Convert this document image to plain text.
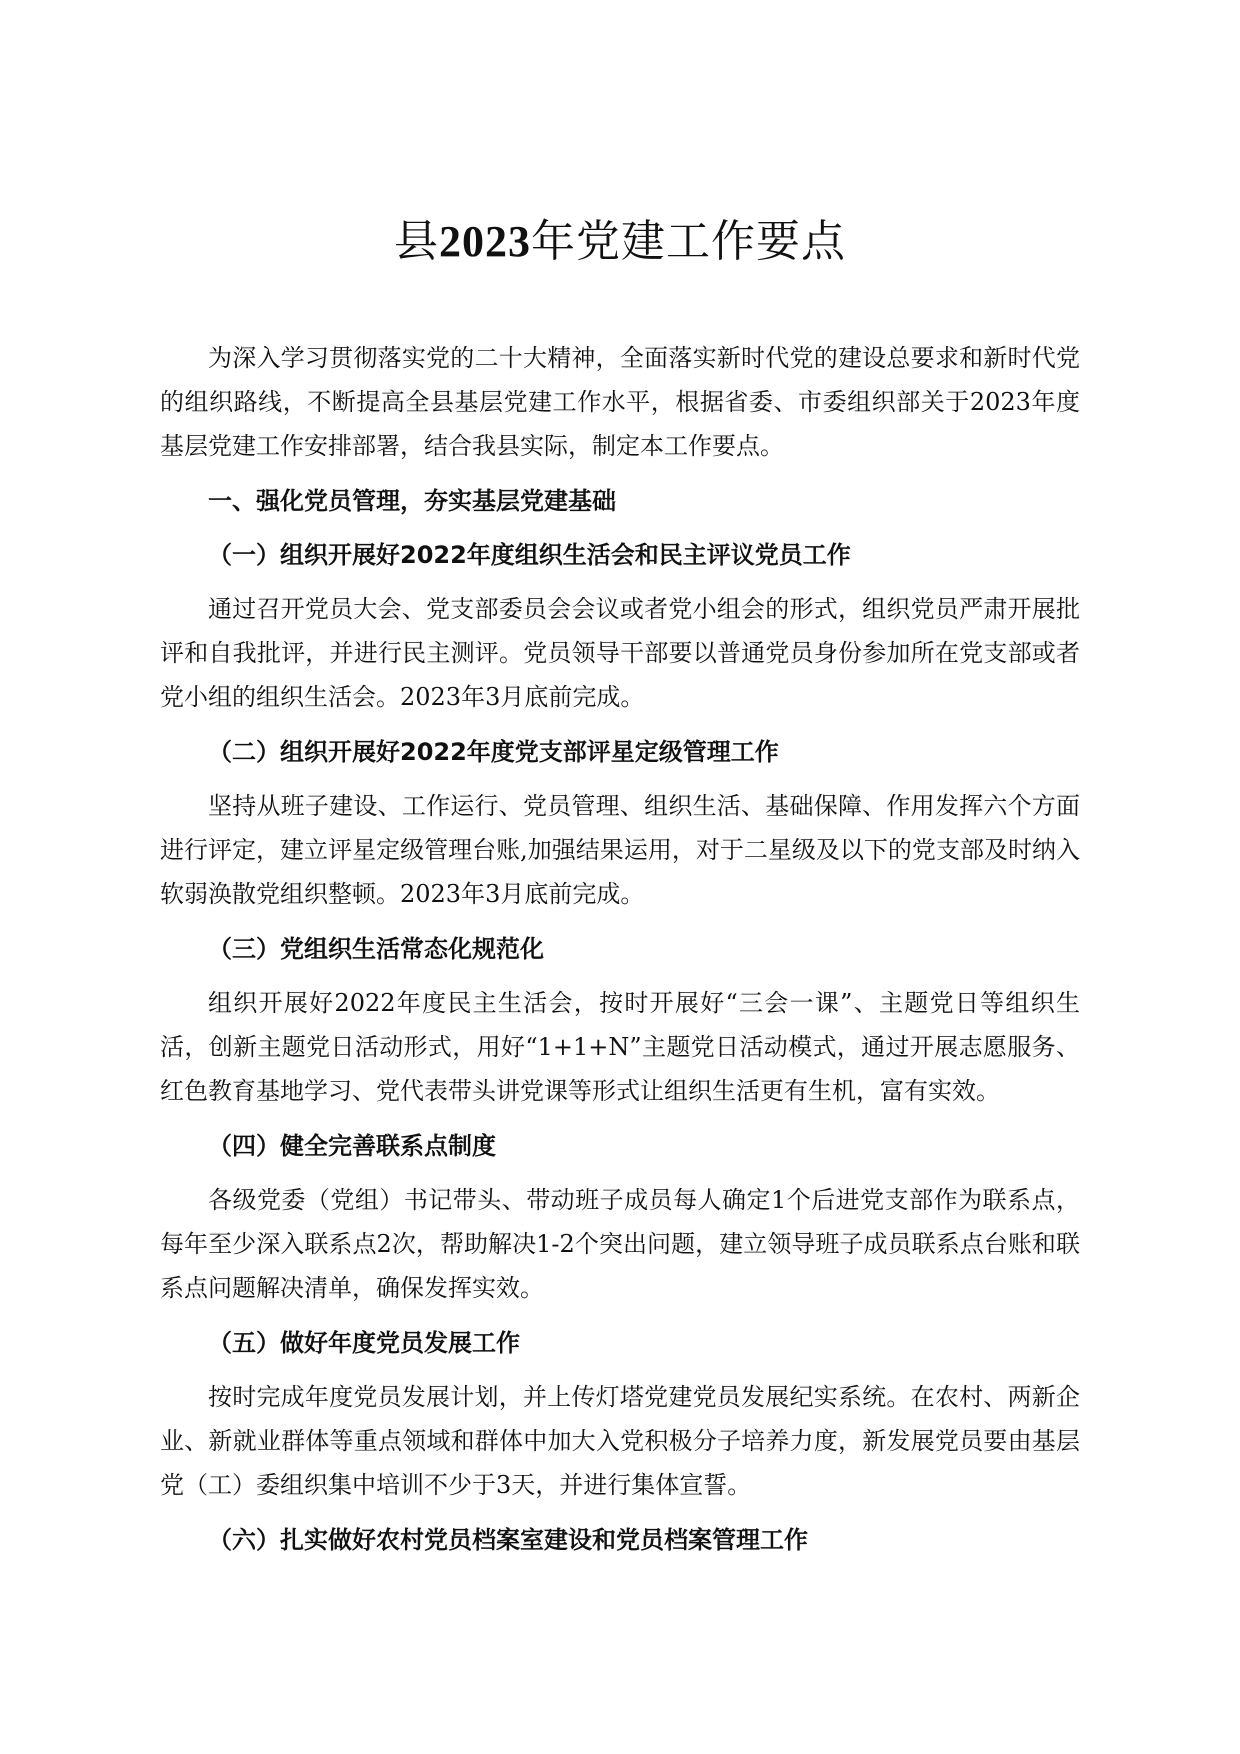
县2023年党建工作要点

为深入学习贯彻落实党的二十大精神，全面落实新时代党的建设总要求和新时代党的组织路线，不断提高全县基层党建工作水平，根据省委、市委组织部关于2023年度基层党建工作安排部署，结合我县实际，制定本工作要点。

一、强化党员管理，夯实基层党建基础
（一）组织开展好2022年度组织生活会和民主评议党员工作

通过召开党员大会、党支部委员会会议或者党小组会的形式，组织党员严肃开展批评和自我批评，并进行民主测评。党员领导干部要以普通党员身份参加所在党支部或者党小组的组织生活会。2023年3月底前完成。

（二）组织开展好2022年度党支部评星定级管理工作

坚持从班子建设、工作运行、党员管理、组织生活、基础保障、作用发挥六个方面进行评定，建立评星定级管理台账,加强结果运用，对于二星级及以下的党支部及时纳入软弱涣散党组织整顿。2023年3月底前完成。

（三）党组织生活常态化规范化

组织开展好2022年度民主生活会，按时开展好“三会一课”、主题党日等组织生活，创新主题党日活动形式，用好“1+1+N”主题党日活动模式，通过开展志愿服务、红色教育基地学习、党代表带头讲党课等形式让组织生活更有生机，富有实效。

（四）健全完善联系点制度

各级党委（党组）书记带头、带动班子成员每人确定1个后进党支部作为联系点，每年至少深入联系点2次，帮助解决1-2个突出问题，建立领导班子成员联系点台账和联系点问题解决清单，确保发挥实效。

（五）做好年度党员发展工作

按时完成年度党员发展计划，并上传灯塔党建党员发展纪实系统。在农村、两新企业、新就业群体等重点领域和群体中加大入党积极分子培养力度，新发展党员要由基层党（工）委组织集中培训不少于3天，并进行集体宣誓。

（六）扎实做好农村党员档案室建设和党员档案管理工作
